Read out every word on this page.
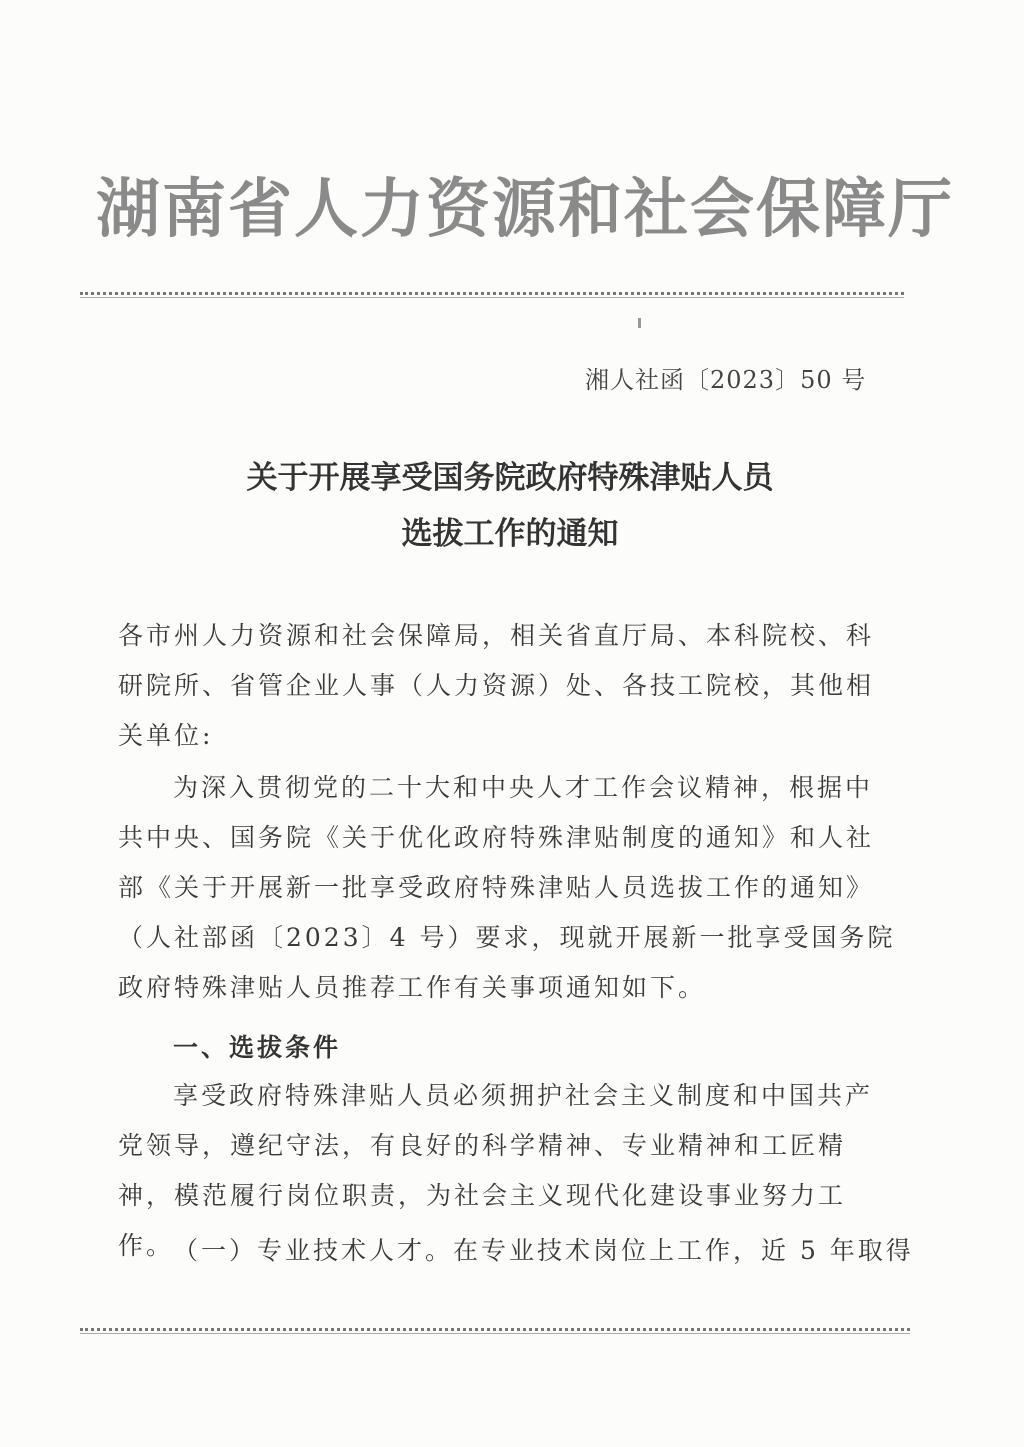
湖南省人力资源和社会保障厅
湘人社函〔2023〕50 号
关于开展享受国务院政府特殊津贴人员
选拔工作的通知
各市州人力资源和社会保障局，相关省直厅局、本科院校、科研院所、省管企业人事（人力资源）处、各技工院校，其他相关单位:
为深入贯彻党的二十大和中央人才工作会议精神，根据中共中央、国务院《关于优化政府特殊津贴制度的通知》和人社部《关于开展新一批享受政府特殊津贴人员选拔工作的通知》（人社部函〔2023〕4 号）要求，现就开展新一批享受国务院政府特殊津贴人员推荐工作有关事项通知如下。
一、选拔条件
享受政府特殊津贴人员必须拥护社会主义制度和中国共产党领导，遵纪守法，有良好的科学精神、专业精神和工匠精神，模范履行岗位职责，为社会主义现代化建设事业努力工作。
（一）专业技术人才。在专业技术岗位上工作，近 5 年取得
